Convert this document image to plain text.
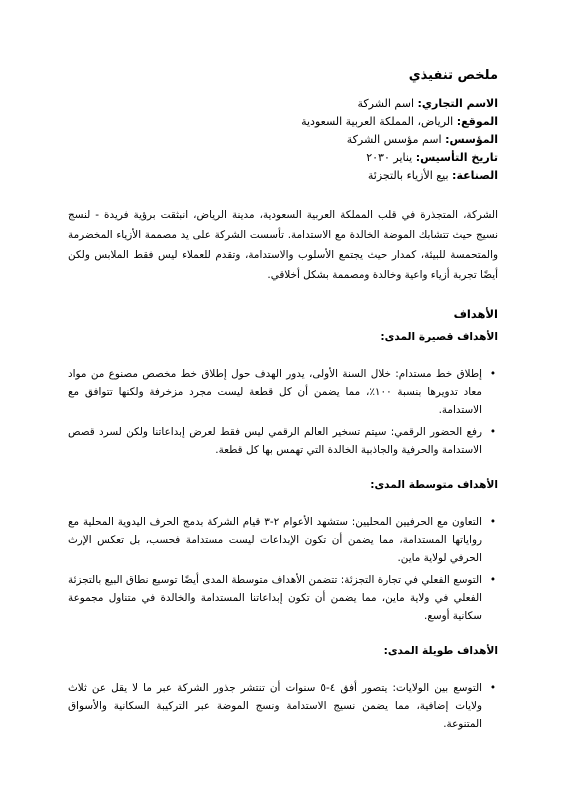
ملخص تنفيذي
الاسم التجاري: اسم الشركة
الموقع: الرياض، المملكة العربية السعودية
المؤسس: اسم مؤسس الشركة
تاريخ التأسيس: يناير ٢٠٣٠
الصناعة: بيع الأزياء بالتجزئة

الشركة، المتجذرة في قلب المملكة العربية السعودية، مدينة الرياض، انبثقت برؤية فريدة - لنسج نسيج حيث تتشابك الموضة الخالدة مع الاستدامة. تأسست الشركة على يد مصممة الأزياء المخضرمة والمتحمسة للبيئة، كمدار حيث يجتمع الأسلوب والاستدامة، وتقدم للعملاء ليس فقط الملابس ولكن أيضًا تجربة أزياء واعية وخالدة ومصممة بشكل أخلاقي.

الأهداف
الأهداف قصيرة المدى:
•
إطلاق خط مستدام: خلال السنة الأولى، يدور الهدف حول إطلاق خط مخصص مصنوع من مواد معاد تدويرها بنسبة ١٠٠٪، مما يضمن أن كل قطعة ليست مجرد مزخرفة ولكنها تتوافق مع الاستدامة.
•
رفع الحضور الرقمي: سيتم تسخير العالم الرقمي ليس فقط لعرض إبداعاتنا ولكن لسرد قصص الاستدامة والحرفية والجاذبية الخالدة التي تهمس بها كل قطعة.
الأهداف متوسطة المدى:
•
التعاون مع الحرفيين المحليين: ستشهد الأعوام ٢-٣ قيام الشركة بدمج الحرف اليدوية المحلية مع رواياتها المستدامة، مما يضمن أن تكون الإبداعات ليست مستدامة فحسب، بل تعكس الإرث الحرفي لولاية ماين.
•
التوسع الفعلي في تجارة التجزئة: تتضمن الأهداف متوسطة المدى أيضًا توسيع نطاق البيع بالتجزئة الفعلي في ولاية ماين، مما يضمن أن تكون إبداعاتنا المستدامة والخالدة في متناول مجموعة سكانية أوسع.
الأهداف طويلة المدى:
•
التوسع بين الولايات: يتصور أفق ٤-٥ سنوات أن تنتشر جذور الشركة عبر ما لا يقل عن ثلاث ولايات إضافية، مما يضمن نسيج الاستدامة ونسج الموضة عبر التركيبة السكانية والأسواق المتنوعة.
